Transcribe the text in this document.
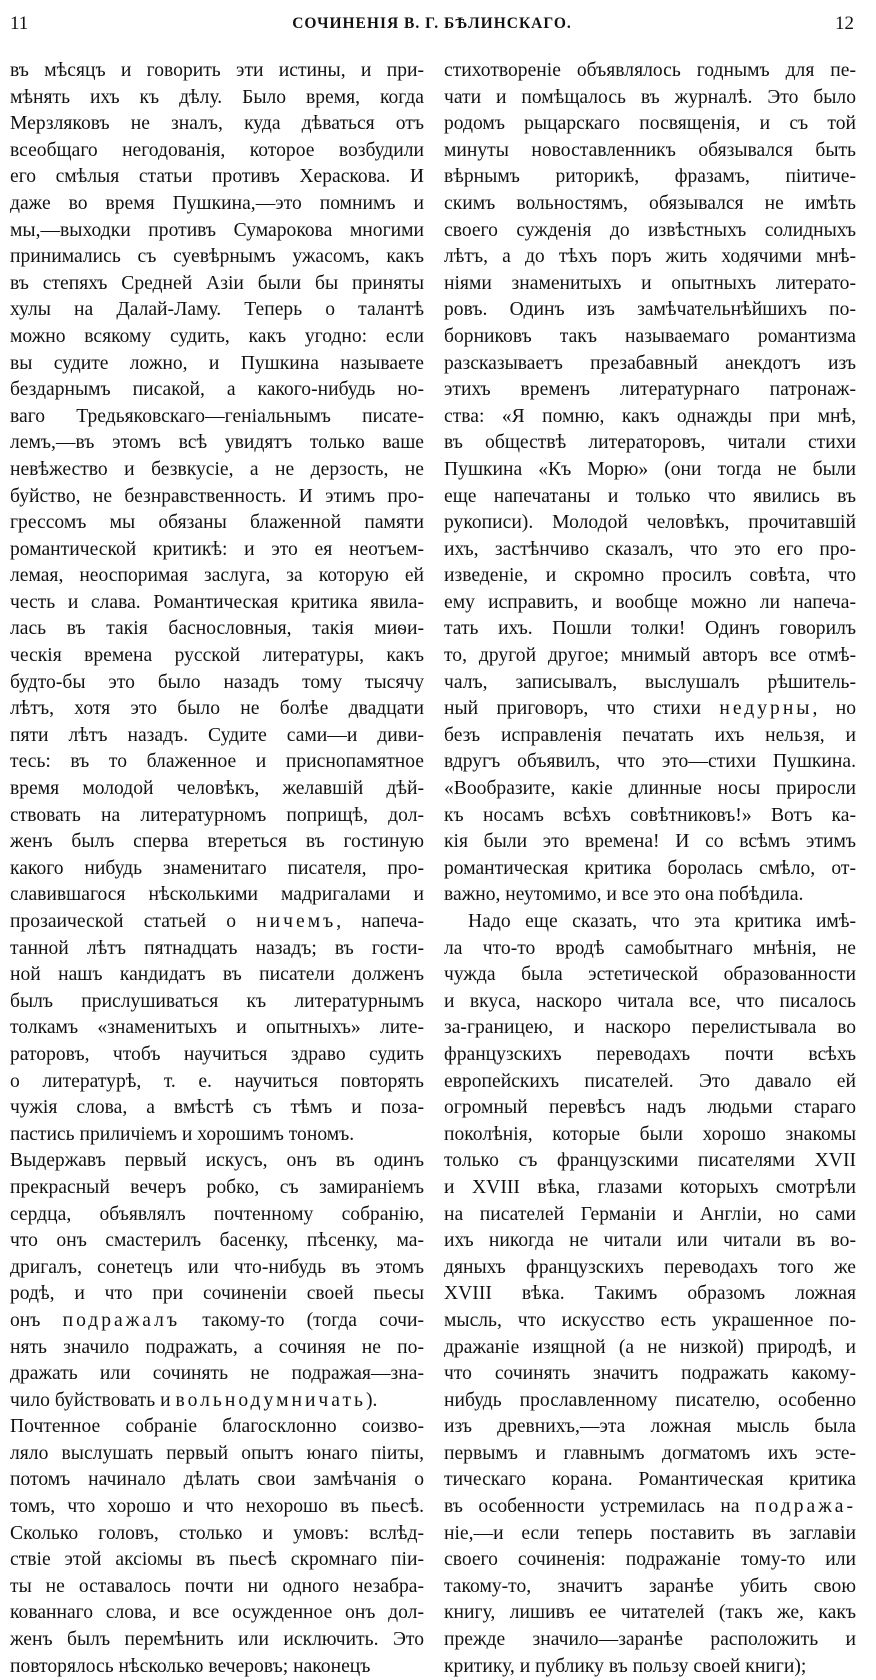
11	СОЧИНЕНІЯ В. Г. БѢЛИНСКАГО.	12
въ мѣсяцъ и говорить эти истины, и при-
мѣнять ихъ къ дѣлу. Было время, когда
Мерзляковъ не зналъ, куда дѣваться отъ
всеобщаго негодованія, которое возбудили
его смѣлыя статьи противъ Хераскова. И
даже во время Пушкина,—это помнимъ и
мы,—выходки противъ Сумарокова многими
принимались съ суевѣрнымъ ужасомъ, какъ
въ степяхъ Средней Азіи были бы приняты
хулы на Далай-Ламу. Теперь о талантѣ
можно всякому судить, какъ угодно: если
вы судите ложно, и Пушкина называете
бездарнымъ писакой, а какого-нибудь но-
ваго Тредьяковскаго—геніальнымъ писате-
лемъ,—въ этомъ всѣ увидятъ только ваше
невѣжество и безвкусіе, а не дерзость, не
буйство, не безнравственность. И этимъ про-
грессомъ мы обязаны блаженной памяти
романтической критикѣ: и это ея неотъем-
лемая, неоспоримая заслуга, за которую ей
честь и слава. Романтическая критика явила-
лась въ такія баснословныя, такія миѳи-
ческія времена русской литературы, какъ
будто-бы это было назадъ тому тысячу
лѣтъ, хотя это было не болѣе двадцати
пяти лѣтъ назадъ. Судите сами—и диви-
тесь: въ то блаженное и приснопамятное
время молодой человѣкъ, желавшій дѣй-
ствовать на литературномъ поприщѣ, дол-
женъ былъ сперва втереться въ гостиную
какого нибудь знаменитаго писателя, про-
славившагося нѣсколькими мадригалами и
прозаической статьей о ничемъ, напеча-
танной лѣтъ пятнадцать назадъ; въ гости-
ной нашъ кандидатъ въ писатели долженъ
былъ прислушиваться къ литературнымъ
толкамъ «знаменитыхъ и опытныхъ» лите-
раторовъ, чтобъ научиться здраво судить
о литературѣ, т. е. научиться повторять
чужія слова, а вмѣстѣ съ тѣмъ и поза-
пастись приличіемъ и хорошимъ тономъ.
Выдержавъ первый искусъ, онъ въ одинъ
прекрасный вечеръ робко, съ замираніемъ
сердца, объявлялъ почтенному собранію,
что онъ смастерилъ басенку, пѣсенку, ма-
дригалъ, сонетецъ или что-нибудь въ этомъ
родѣ, и что при сочиненіи своей пьесы
онъ подражалъ такому-то (тогда сочи-
нять значило подражать, а сочиняя не по-
дражать или сочинять не подражая—зна-
чило буйствовать и вольнодумничать).
Почтенное собраніе благосклонно соизво-
ляло выслушать первый опытъ юнаго піиты,
потомъ начинало дѣлать свои замѣчанія о
томъ, что хорошо и что нехорошо въ пьесѣ.
Сколько головъ, столько и умовъ: вслѣд-
ствіе этой аксіомы въ пьесѣ скромнаго піи-
ты не оставалось почти ни одного незабра-
кованнаго слова, и все осужденное онъ дол-
женъ былъ перемѣнить или исключить. Это
повторялось нѣсколько вечеровъ; наконецъ
стихотвореніе объявлялось годнымъ для пе-
чати и помѣщалось въ журналѣ. Это было
родомъ рыцарскаго посвященія, и съ той
минуты новоставленникъ обязывался быть
вѣрнымъ риторикѣ, фразамъ, піитиче-
скимъ вольностямъ, обязывался не имѣть
своего сужденія до извѣстныхъ солидныхъ
лѣтъ, а до тѣхъ поръ жить ходячими мнѣ-
ніями знаменитыхъ и опытныхъ литерато-
ровъ. Одинъ изъ замѣчательнѣйшихъ по-
борниковъ такъ называемаго романтизма
разсказываетъ презабавный анекдотъ изъ
этихъ временъ литературнаго патронаж-
ства: «Я помню, какъ однажды при мнѣ,
въ обществѣ литераторовъ, читали стихи
Пушкина «Къ Морю» (они тогда не были
еще напечатаны и только что явились въ
рукописи). Молодой человѣкъ, прочитавшій
ихъ, застѣнчиво сказалъ, что это его про-
изведеніе, и скромно просилъ совѣта, что
ему исправить, и вообще можно ли напеча-
тать ихъ. Пошли толки! Одинъ говорилъ
то, другой другое; мнимый авторъ все отмѣ-
чалъ, записывалъ, выслушалъ рѣшитель-
ный приговоръ, что стихи недурны, но
безъ исправленія печатать ихъ нельзя, и
вдругъ объявилъ, что это—стихи Пушкина.
«Вообразите, какіе длинные носы приросли
къ носамъ всѣхъ совѣтниковъ!» Вотъ ка-
кія были это времена! И со всѣмъ этимъ
романтическая критика боролась смѣло, от-
важно, неутомимо, и все это она побѣдила.
Надо еще сказать, что эта критика имѣ-
ла что-то вродѣ самобытнаго мнѣнія, не
чужда была эстетической образованности
и вкуса, наскоро читала все, что писалось
за-границею, и наскоро перелистывала во
французскихъ переводахъ почти всѣхъ
европейскихъ писателей. Это давало ей
огромный перевѣсъ надъ людьми стараго
поколѣнія, которые были хорошо знакомы
только съ французскими писателями XVII
и XVIII вѣка, глазами которыхъ смотрѣли
на писателей Германіи и Англіи, но сами
ихъ никогда не читали или читали въ во-
дяныхъ французскихъ переводахъ того же
XVIII вѣка. Такимъ образомъ ложная
мысль, что искусство есть украшенное по-
дражаніе изящной (а не низкой) природѣ, и
что сочинять значитъ подражать какому-
нибудь прославленному писателю, особенно
изъ древнихъ,—эта ложная мысль была
первымъ и главнымъ догматомъ ихъ эсте-
тическаго корана. Романтическая критика
въ особенности устремилась на подража-
ніе,—и если теперь поставить въ заглавіи
своего сочиненія: подражаніе тому-то или
такому-то, значитъ заранѣе убить свою
книгу, лишивъ ее читателей (такъ же, какъ
прежде значило—заранѣе расположить и
критику, и публику въ пользу своей книги);
